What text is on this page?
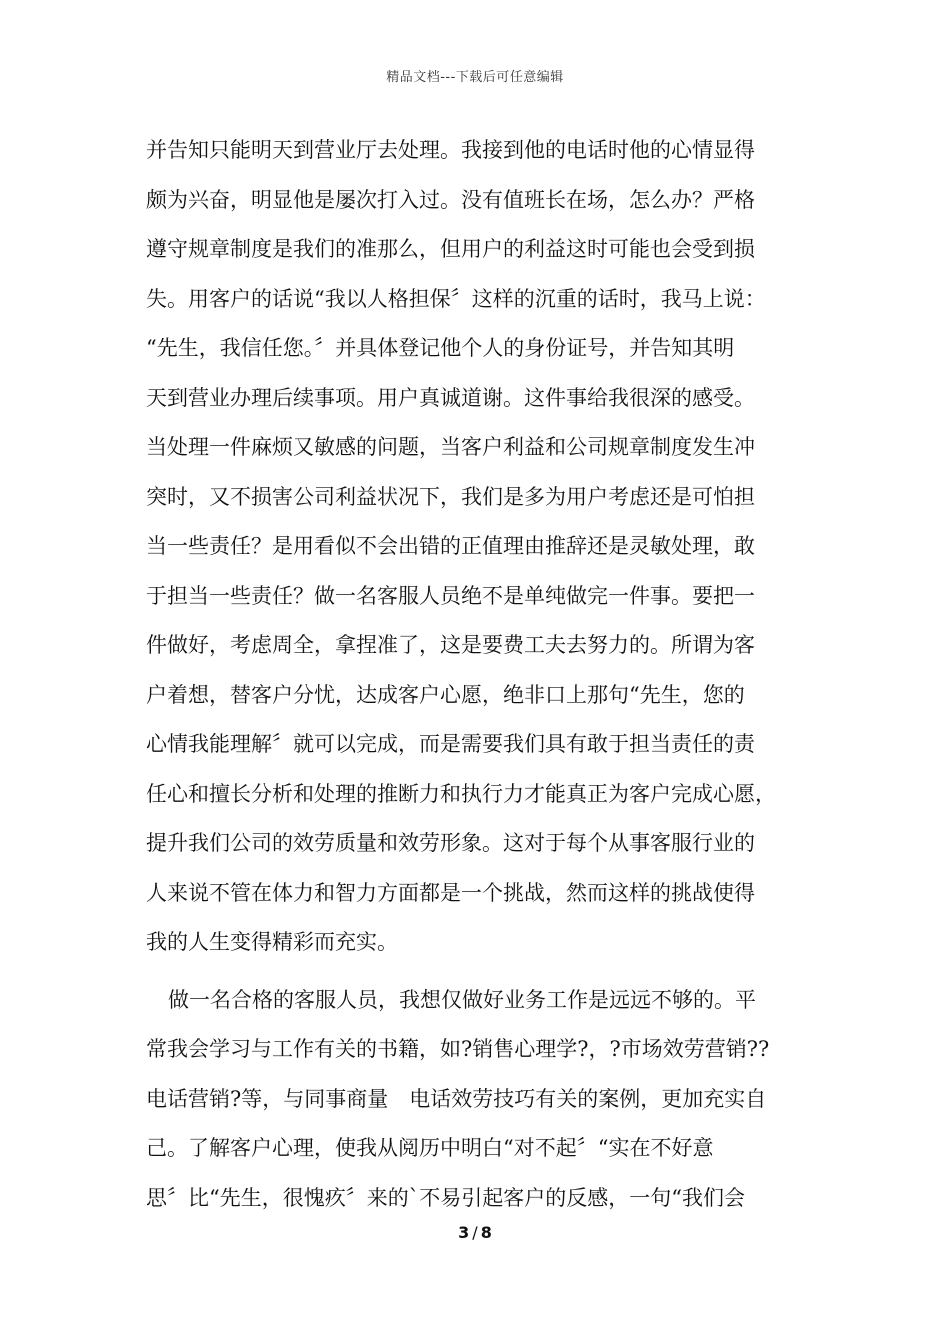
精品文档---下载后可任意编辑
并告知只能明天到营业厅去处理。我接到他的电话时他的心情显得
颇为兴奋，明显他是屡次打入过。没有值班长在场，怎么办？严格
遵守规章制度是我们的准那么，但用户的利益这时可能也会受到损
失。用客户的话说“我以人格担保〞这样的沉重的话时，我马上说：
“先生，我信任您。〞并具体登记他个人的身份证号，并告知其明
天到营业办理后续事项。用户真诚道谢。这件事给我很深的感受。
当处理一件麻烦又敏感的问题，当客户利益和公司规章制度发生冲
突时，又不损害公司利益状况下，我们是多为用户考虑还是可怕担
当一些责任？是用看似不会出错的正值理由推辞还是灵敏处理，敢
于担当一些责任？做一名客服人员绝不是单纯做完一件事。要把一
件做好，考虑周全，拿捏准了，这是要费工夫去努力的。所谓为客
户着想，替客户分忧，达成客户心愿，绝非口上那句“先生，您的
心情我能理解〞就可以完成，而是需要我们具有敢于担当责任的责
任心和擅长分析和处理的推断力和执行力才能真正为客户完成心愿，
提升我们公司的效劳质量和效劳形象。这对于每个从事客服行业的
人来说不管在体力和智力方面都是一个挑战，然而这样的挑战使得
我的人生变得精彩而充实。
做一名合格的客服人员，我想仅做好业务工作是远远不够的。平
常我会学习与工作有关的书籍，如?销售心理学?，?市场效劳营销??
电话营销?等，与同事商量　电话效劳技巧有关的案例，更加充实自
己。了解客户心理，使我从阅历中明白“对不起〞“实在不好意
思〞比“先生，很愧疚〞来的`不易引起客户的反感，一句“我们会
3 / 8
